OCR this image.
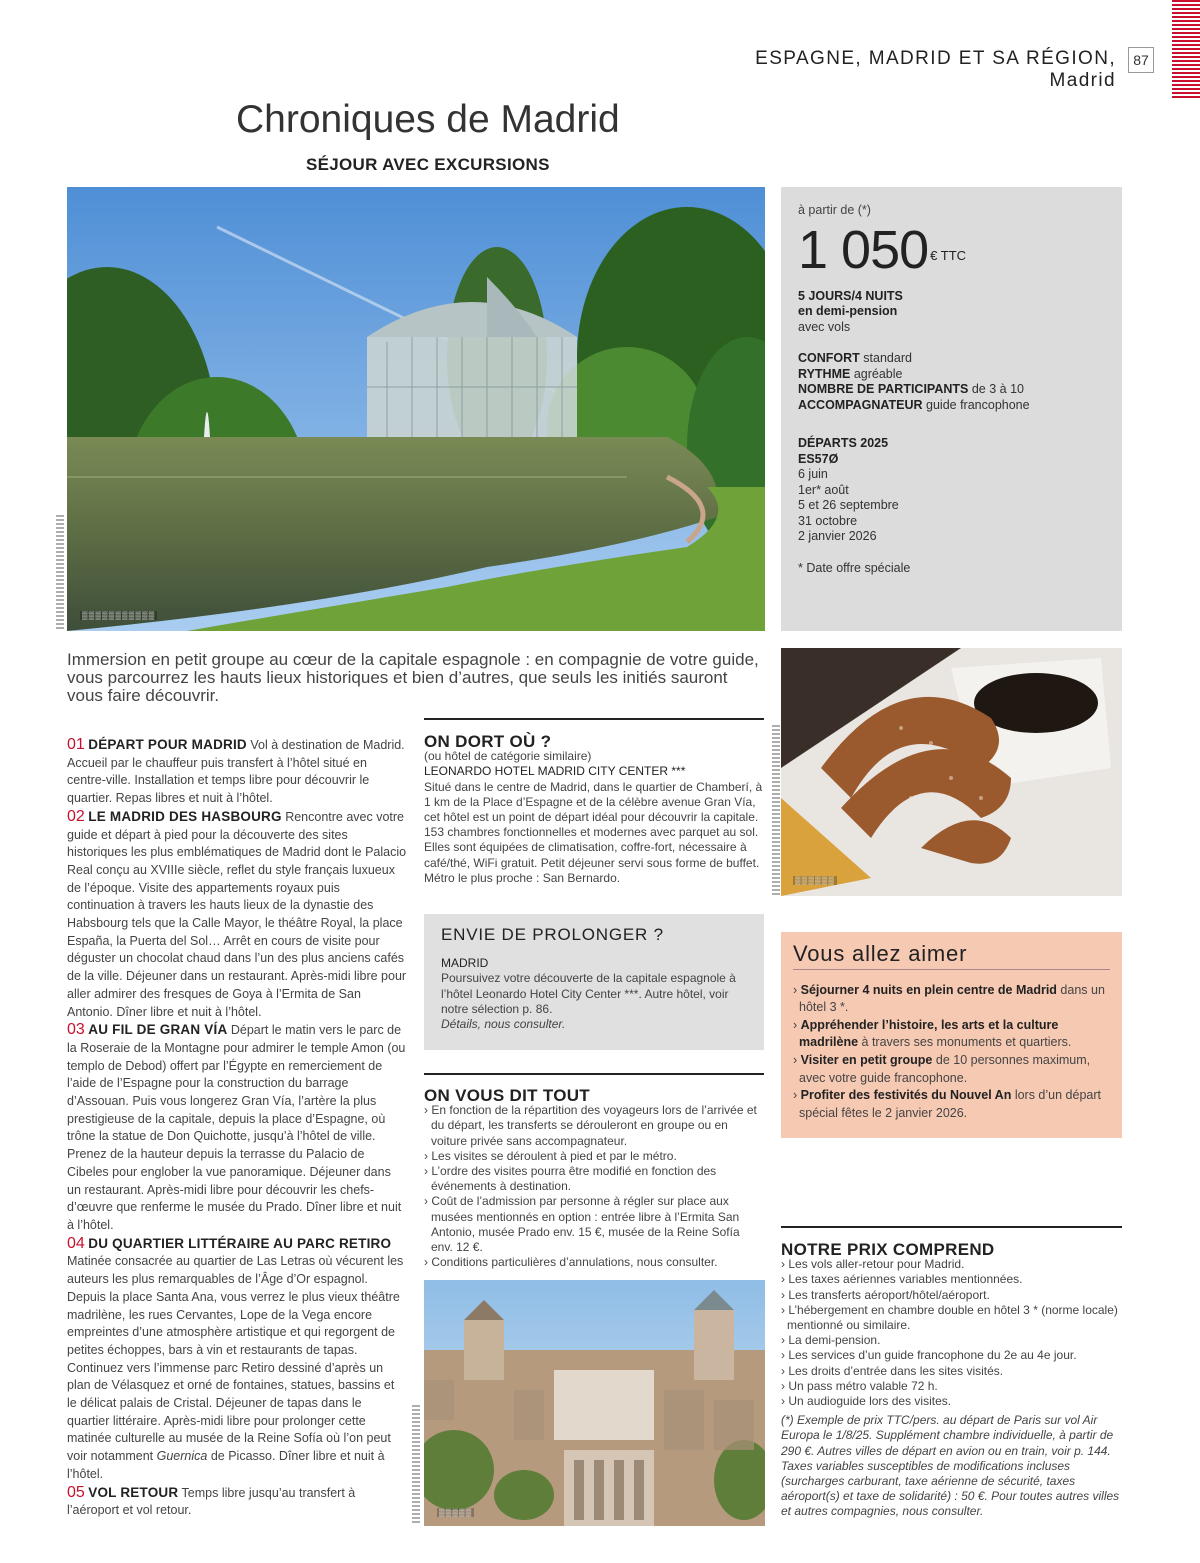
ESPAGNE, MADRID ET SA RÉGION, Madrid
87
Chroniques de Madrid
SÉJOUR AVEC EXCURSIONS
▒▒▒▒▒▒▒▒▒▒▒
à partir de (*)
1 050 $^{€ TTC}$
5 JOURS/4 NUITS
en demi-pension
avec vols
CONFORT standard
RYTHME agréable
NOMBRE DE PARTICIPANTS de 3 à 10
ACCOMPAGNATEUR guide francophone
DÉPARTS 2025
ES57Ø
6 juin
1er* août
5 et 26 septembre
31 octobre
2 janvier 2026
* Date offre spéciale
Immersion en petit groupe au cœur de la capitale espagnole : en compagnie de votre guide, vous parcourrez les hauts lieux historiques et bien d’autres, que seuls les initiés sauront vous faire découvrir.
01 DÉPART POUR MADRID Vol à destination de Madrid. Accueil par le chauffeur puis transfert à l’hôtel situé en centre-ville. Installation et temps libre pour découvrir le quartier. Repas libres et nuit à l’hôtel.
02 LE MADRID DES HASBOURG Rencontre avec votre guide et départ à pied pour la découverte des sites historiques les plus emblématiques de Madrid dont le Palacio Real conçu au XVIIIe siècle, reflet du style français luxueux de l’époque. Visite des appartements royaux puis continuation à travers les hauts lieux de la dynastie des Habsbourg tels que la Calle Mayor, le théâtre Royal, la place España, la Puerta del Sol… Arrêt en cours de visite pour déguster un chocolat chaud dans l’un des plus anciens cafés de la ville. Déjeuner dans un restaurant. Après-midi libre pour aller admirer des fresques de Goya à l’Ermita de San Antonio. Dîner libre et nuit à l’hôtel.
03 AU FIL DE GRAN VÍA Départ le matin vers le parc de la Roseraie de la Montagne pour admirer le temple Amon (ou templo de Debod) offert par l’Égypte en remerciement de l’aide de l’Espagne pour la construction du barrage d’Assouan. Puis vous longerez Gran Vía, l’artère la plus prestigieuse de la capitale, depuis la place d’Espagne, où trône la statue de Don Quichotte, jusqu’à l’hôtel de ville. Prenez de la hauteur depuis la terrasse du Palacio de Cibeles pour englober la vue panoramique. Déjeuner dans un restaurant. Après-midi libre pour découvrir les chefs-d’œuvre que renferme le musée du Prado. Dîner libre et nuit à l’hôtel.
04 DU QUARTIER LITTÉRAIRE AU PARC RETIRO
Matinée consacrée au quartier de Las Letras où vécurent les auteurs les plus remarquables de l’Âge d’Or espagnol. Depuis la place Santa Ana, vous verrez le plus vieux théâtre madrilène, les rues Cervantes, Lope de la Vega encore empreintes d’une atmosphère artistique et qui regorgent de petites échoppes, bars à vin et restaurants de tapas. Continuez vers l’immense parc Retiro dessiné d’après un plan de Vélasquez et orné de fontaines, statues, bassins et le délicat palais de Cristal. Déjeuner de tapas dans le quartier littéraire. Après-midi libre pour prolonger cette matinée culturelle au musée de la Reine Sofía où l’on peut voir notamment Guernica de Picasso. Dîner libre et nuit à l’hôtel.
05 VOL RETOUR Temps libre jusqu’au transfert à l’aéroport et vol retour.
ON DORT OÙ ?
(ou hôtel de catégorie similaire)
LEONARDO HOTEL MADRID CITY CENTER ***
Situé dans le centre de Madrid, dans le quartier de Chamberí, à 1 km de la Place d’Espagne et de la célèbre avenue Gran Vía, cet hôtel est un point de départ idéal pour découvrir la capitale. 153 chambres fonctionnelles et modernes avec parquet au sol. Elles sont équipées de climatisation, coffre-fort, nécessaire à café/thé, WiFi gratuit. Petit déjeuner servi sous forme de buffet. Métro le plus proche : San Bernardo.	▒▒▒▒▒▒
ENVIE DE PROLONGER ?
MADRID
Poursuivez votre découverte de la capitale espagnole à l’hôtel Leonardo Hotel City Center ***. Autre hôtel, voir notre sélection p. 86.
Détails, nous consulter.
Vous allez aimer
› Séjourner 4 nuits en plein centre de Madrid dans un hôtel 3 *.
› Appréhender l’histoire, les arts et la culture madrilène à travers ses monuments et quartiers.
› Visiter en petit groupe de 10 personnes maximum, avec votre guide francophone.
› Profiter des festivités du Nouvel An lors d’un départ spécial fêtes le 2 janvier 2026.
ON VOUS DIT TOUT
› En fonction de la répartition des voyageurs lors de l’arrivée et du départ, les transferts se dérouleront en groupe ou en voiture privée sans accompagnateur.
› Les visites se déroulent à pied et par le métro.
› L’ordre des visites pourra être modifié en fonction des événements à destination.
› Coût de l’admission par personne à régler sur place aux musées mentionnés en option : entrée libre à l’Ermita San Antonio, musée Prado env. 15 €, musée de la Reine Sofía env. 12 €.
› Conditions particulières d’annulations, nous consulter.
▒▒▒▒▒
NOTRE PRIX COMPREND
› Les vols aller-retour pour Madrid.
› Les taxes aériennes variables mentionnées.
› Les transferts aéroport/hôtel/aéroport.
› L’hébergement en chambre double en hôtel 3 * (norme locale) mentionné ou similaire.
› La demi-pension.
› Les services d’un guide francophone du 2e au 4e jour.
› Les droits d’entrée dans les sites visités.
› Un pass métro valable 72 h.
› Un audioguide lors des visites.
(*) Exemple de prix TTC/pers. au départ de Paris sur vol Air Europa le 1/8/25. Supplément chambre individuelle, à partir de 290 €. Autres villes de départ en avion ou en train, voir p. 144. Taxes variables susceptibles de modifications incluses (surcharges carburant, taxe aérienne de sécurité, taxes aéroport(s) et taxe de solidarité) : 50 €. Pour toutes autres villes et autres compagnies, nous consulter.
